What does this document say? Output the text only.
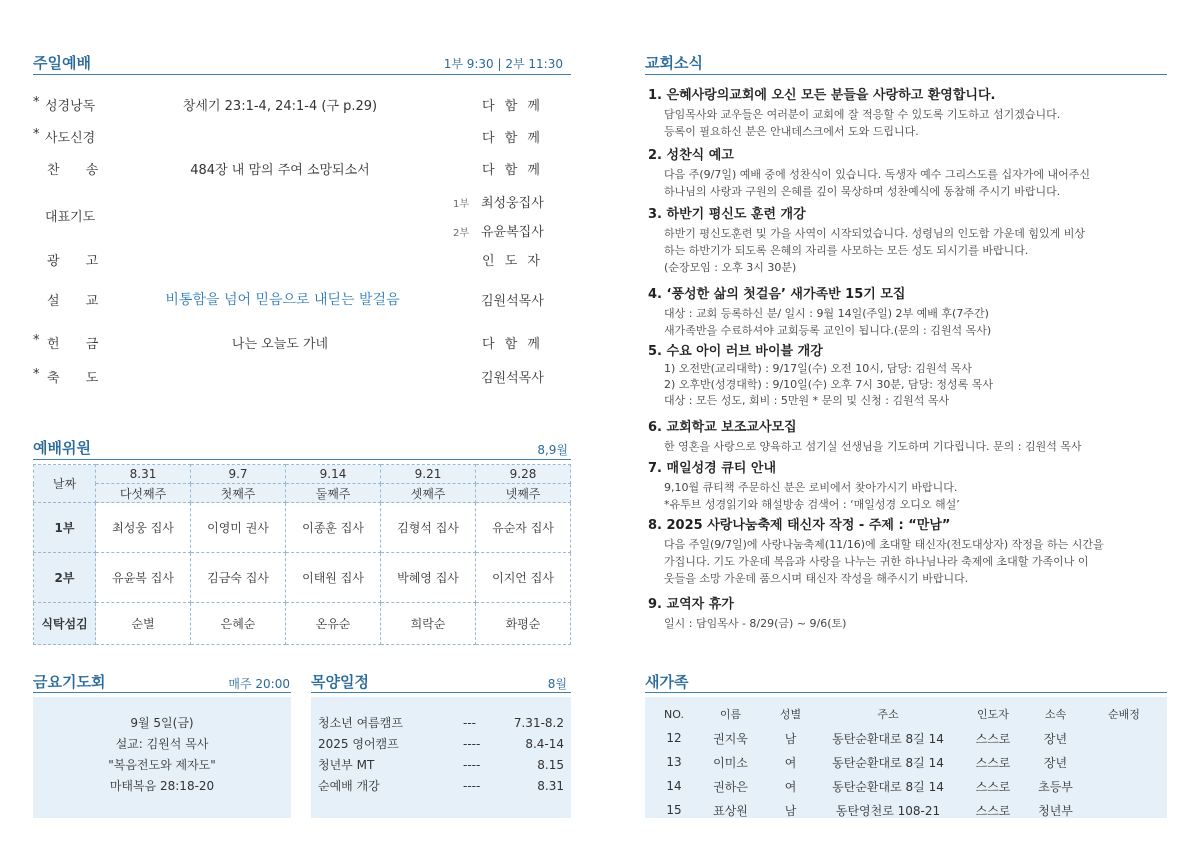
주일예배	1부 9:30 | 2부 11:30
* 성경낭독	창세기 23:1-4, 24:1-4 (구 p.29)	다 함 께
* 사도신경	다 함 께
찬 송	484장 내 맘의 주여 소망되소서	다 함 께
대표기도
1부 최성웅집사
2부 유윤복집사
광 고	인 도 자
설 교	비통함을 넘어 믿음으로 내딛는 발걸음	김원석목사
* 헌 금	나는 오늘도 가네	다 함 께
* 축 도	김원석목사
예배위원	8,9월
날짜	8.31	9.7	9.14	9.21	9.28
	다섯째주	첫째주	둘째주	셋째주	넷째주
1부	최성웅 집사	이영미 권사	이종훈 집사	김형석 집사	유순자 집사
2부	유윤복 집사	김금숙 집사	이태원 집사	박혜영 집사	이지언 집사
식탁섬김	순별	은혜순	온유순	희락순	화평순
금요기도회	매주 20:00
9월 5일(금)
설교: 김원석 목사
"복음전도와 제자도"
마태복음 28:18-20
목양일정	8월
청소년 여름캠프	---	7.31-8.2
2025 영어캠프	----	8.4-14
청년부 MT	----	8.15
순예배 개강	----	8.31
교회소식
1. 은혜사랑의교회에 오신 모든 분들을 사랑하고 환영합니다.
담임목사와 교우들은 여러분이 교회에 잘 적응할 수 있도록 기도하고 섬기겠습니다.
등록이 필요하신 분은 안내데스크에서 도와 드립니다.
2. 성찬식 예고
다음 주(9/7일) 예배 중에 성찬식이 있습니다. 독생자 예수 그리스도를 십자가에 내어주신
하나님의 사랑과 구원의 은혜를 깊이 묵상하며 성찬예식에 동참해 주시기 바랍니다.
3. 하반기 평신도 훈련 개강
하반기 평신도훈련 및 가을 사역이 시작되었습니다. 성령님의 인도함 가운데 힘있게 비상
하는 하반기가 되도록 은혜의 자리를 사모하는 모든 성도 되시기를 바랍니다.
(순장모임 : 오후 3시 30분)
4. ‘풍성한 삶의 첫걸음’ 새가족반 15기 모집
대상 : 교회 등록하신 분/ 일시 : 9월 14일(주일) 2부 예배 후(7주간)
새가족반을 수료하셔야 교회등록 교인이 됩니다.(문의 : 김원석 목사)
5. 수요 아이 러브 바이블 개강
1) 오전반(교리대학) : 9/17일(수) 오전 10시, 담당: 김원석 목사
2) 오후반(성경대학) : 9/10일(수) 오후 7시 30분, 담당: 정성록 목사
대상 : 모든 성도, 회비 : 5만원 * 문의 및 신청 : 김원석 목사
6. 교회학교 보조교사모집
한 영혼을 사랑으로 양육하고 섬기실 선생님을 기도하며 기다립니다. 문의 : 김원석 목사
7. 매일성경 큐티 안내
9,10월 큐티책 주문하신 분은 로비에서 찾아가시기 바랍니다.
*유투브 성경읽기와 해설방송 검색어 : ‘매일성경 오디오 해설’
8. 2025 사랑나눔축제 태신자 작정 - 주제 : “만남”
다음 주일(9/7일)에 사랑나눔축제(11/16)에 초대할 태신자(전도대상자) 작정을 하는 시간을
가집니다. 기도 가운데 복음과 사랑을 나누는 귀한 하나님나라 축제에 초대할 가족이나 이
웃들을 소망 가운데 품으시며 태신자 작성을 해주시기 바랍니다.
9. 교역자 휴가
일시 : 담임목사 - 8/29(금) ~ 9/6(토)
새가족
NO.	이름	성별	주소	인도자	소속	순배정
12	권지욱	남	동탄순환대로 8길 14	스스로	장년	
13	이미소	여	동탄순환대로 8길 14	스스로	장년	
14	권하은	여	동탄순환대로 8길 14	스스로	초등부	
15	표상원	남	동탄영천로 108-21	스스로	청년부	
